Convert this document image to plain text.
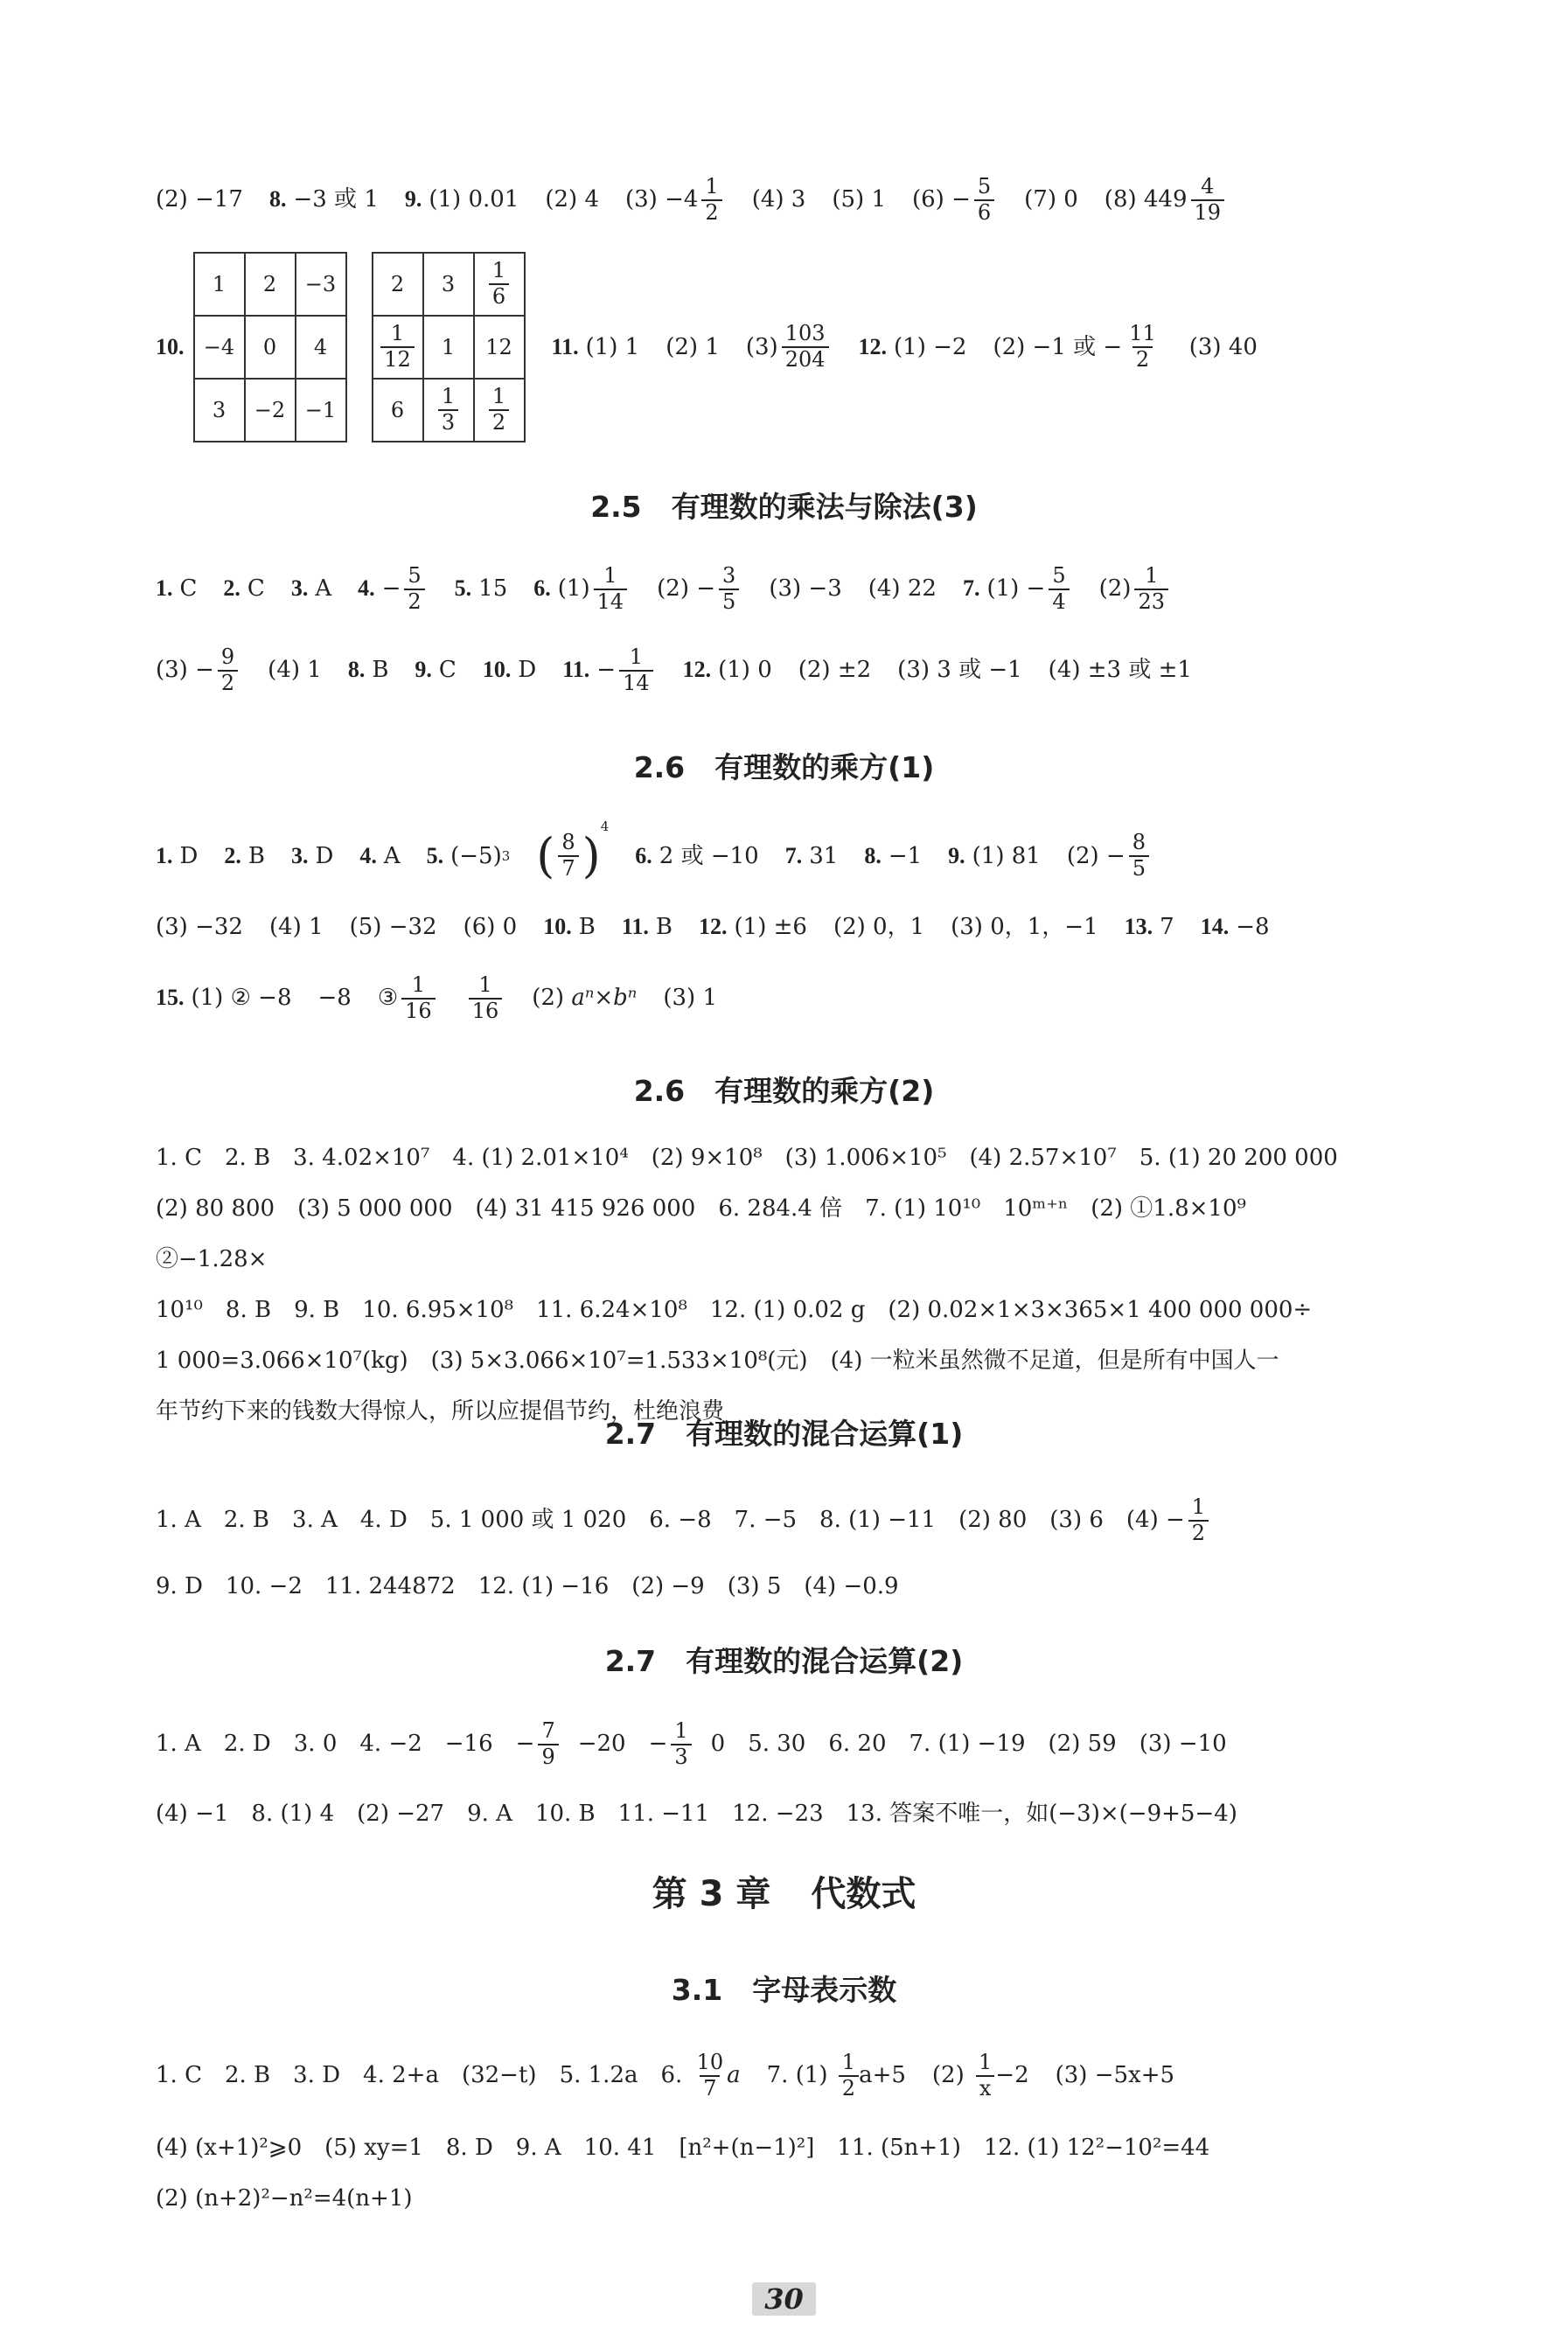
(2) −17 8. −3 或 1 9. (1) 0.01 (2) 4 $(3) -4 \frac{1}{2} (4)$ 3 (5) 1 $(6) - \frac{5}{6} (7)$ 0 (8) $449 \frac{4}{19}$
10.
1	2	−3
−4	0	4
3	−2	−1
2	3	$\frac{1}{6}$

$\frac{1}{12}$	1	12
6	$\frac{1}{3}$	$\frac{1}{2}$
11. (1) 1 (2) 1 $(3) \frac{103}{204} 12$. (1) −2 (2) −1 或 − $\frac{11}{2} (3)$ 40
2.5 有理数的乘法与除法(3)
1. C 2. C 3. A 4. − $\frac{5}{2} 5$. 15 6. $(1) \frac{1}{14} (2) - \frac{3}{5} (3) -3$ (4) 22 7. $(1) - \frac{5}{4} (2) \frac{1}{23}$
$(3) - \frac{9}{2} (4)$ 1 8. B 9. C 10. D 11. − $\frac{1}{14} 12$. (1) 0 (2) ±2 (3) 3 或 −1 (4) ±3 或 ±1
2.6 有理数的乘方(1)
1. D 2. B 3. D 4. A 5. (−5) 3 ( $\frac{8}{7}$ )
4
6. 2 或 −10 7. 31 8. −1 9. (1) 81 $(2) - \frac{8}{5}$
(3) −32 (4) 1 (5) −32 (6) 0 10. B 11. B 12. (1) ±6 (2) 0，1 (3) 0，1，−1 13. 7 14. −8
15. (1) ② −8 −8 ③ $\frac{1}{16} \frac{1}{16} (2)$
aⁿ×bⁿ (3) 1
2.6 有理数的乘方(2)
1. C　2. B　3. 4.02×10⁷　4. (1) 2.01×10⁴　(2) 9×10⁸　(3) 1.006×10⁵　(4) 2.57×10⁷　5. (1) 20 200 000
(2) 80 800　(3) 5 000 000　(4) 31 415 926 000　6. 284.4 倍　7. (1) 10¹⁰　10ᵐ⁺ⁿ　(2) ①1.8×10⁹　②−1.28×
10¹⁰　8. B　9. B　10. 6.95×10⁸　11. 6.24×10⁸　12. (1) 0.02 g　(2) 0.02×1×3×365×1 400 000 000÷
1 000=3.066×10⁷(kg)　(3) 5×3.066×10⁷=1.533×10⁸(元)　(4) 一粒米虽然微不足道，但是所有中国人一
年节约下来的钱数大得惊人，所以应提倡节约，杜绝浪费
2.7 有理数的混合运算(1)
1. A　2. B　3. A　4. D　5. 1 000 或 1 020　6. −8　7. −5　8. (1) −11　(2) 80　(3) 6　$(4) - \frac{1}{2}$
9. D　10. −2　11. 244872　12. (1) −16　(2) −9　(3) 5　(4) −0.9
2.7 有理数的混合运算(2)
1. A　2. D　3. 0　4. −2　−16　− $\frac{7}{9} -20$　− $\frac{1}{3} 0$　5. 30　6. 20　7. (1) −19　(2) 59　(3) −10
(4) −1　8. (1) 4　(2) −27　9. A　10. B　11. −11　12. −23　13. 答案不唯一，如(−3)×(−9+5−4)
第 3 章 代数式
3.1 字母表示数
1. C　2. B　3. D　4. 2+a　(32−t)　5. 1.2a　6.
$\frac{10}{7}$ a 7. (1)
$\frac{1}{2} a+5$ (2)
$\frac{1}{x} -2$ (3) −5x+5
(4) (x+1)²⩾0　(5) xy=1　8. D　9. A　10. 41　[n²+(n−1)²]　11. (5n+1)　12. (1) 12²−10²=44
(2) (n+2)²−n²=4(n+1)
30
